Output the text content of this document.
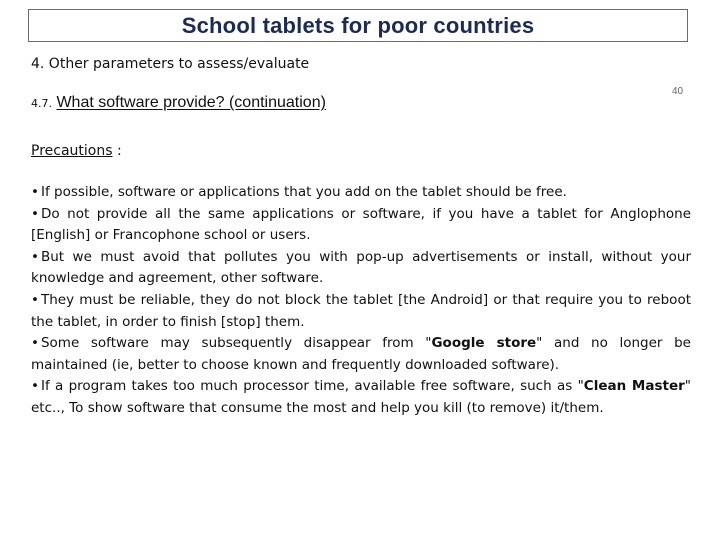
School tablets for poor countries
4. Other parameters to assess/evaluate
40
4.7. What software provide? (continuation)
Precautions :

• If possible, software or applications that you add on the tablet should be free.

• Do not provide all the same applications or software, if you have a tablet for Anglophone [English] or Francophone school or users.

• But we must avoid that pollutes you with pop-up advertisements or install, without your knowledge and agreement, other software.

• They must be reliable, they do not block the tablet [the Android] or that require you to reboot the tablet, in order to finish [stop] them.

• Some software may subsequently disappear from "Google store" and no longer be maintained (ie, better to choose known and frequently downloaded software).

• If a program takes too much processor time, available free software, such as "Clean Master" etc.., To show software that consume the most and help you kill (to remove) it/them.
